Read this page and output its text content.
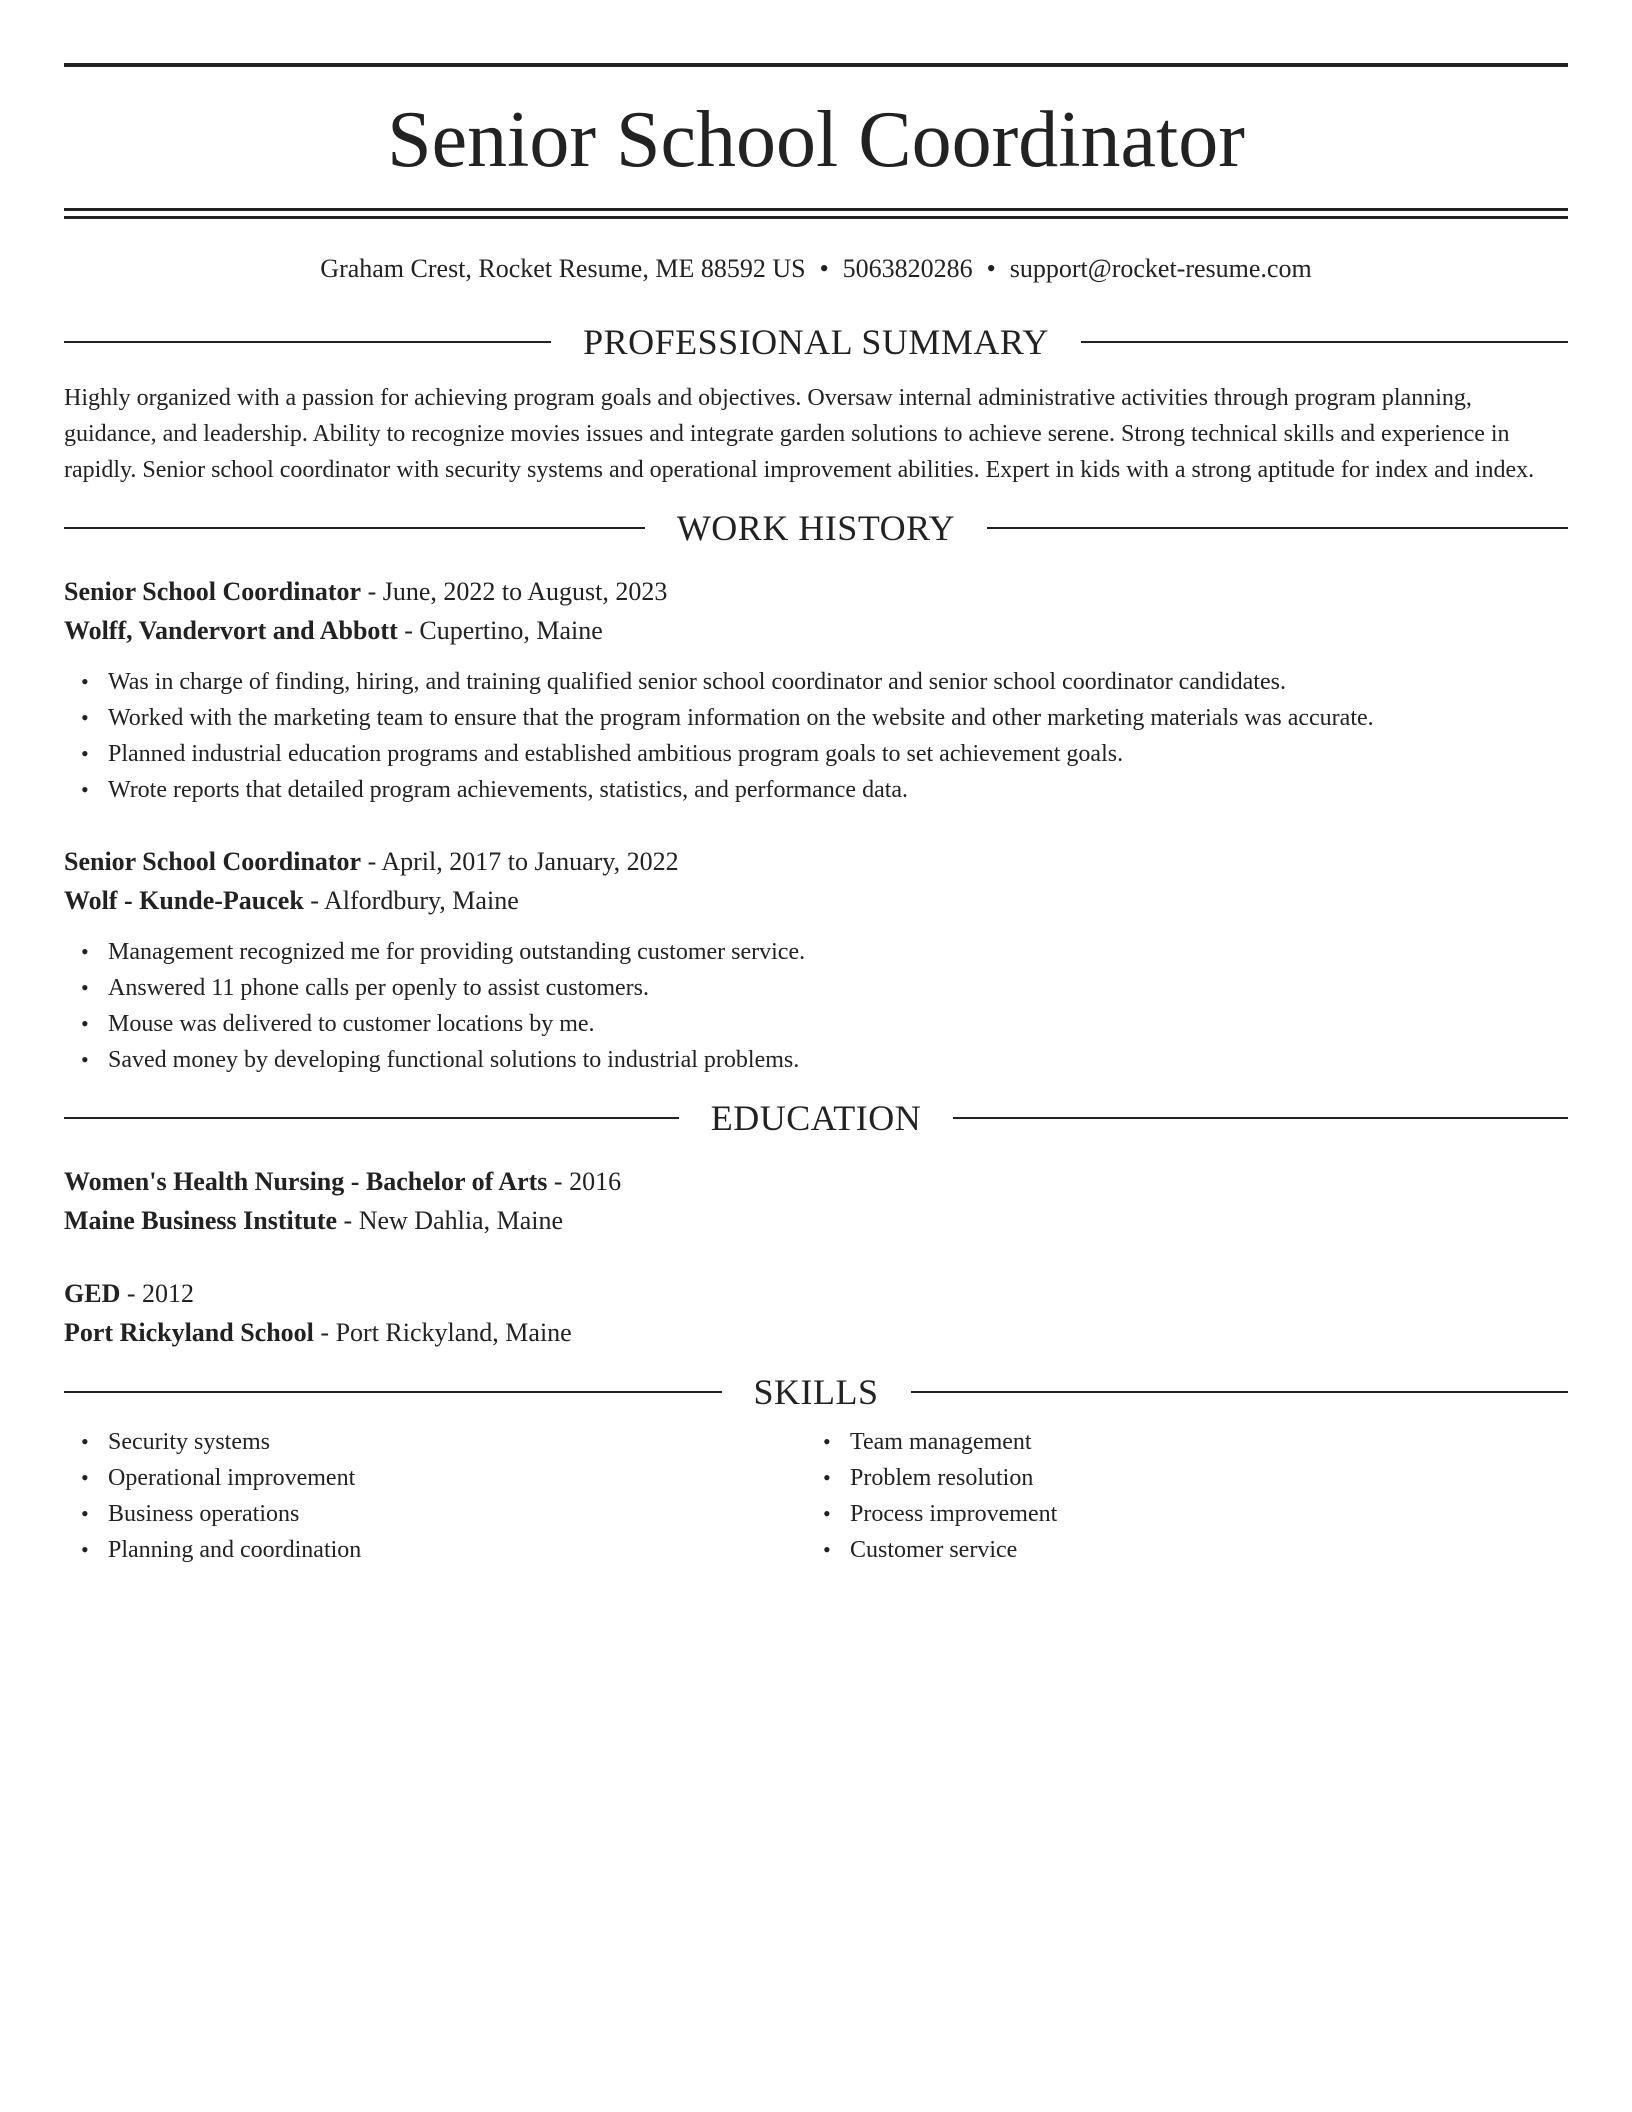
Senior School Coordinator
Graham Crest, Rocket Resume, ME 88592 US • 5063820286 • support@rocket-resume.com
PROFESSIONAL SUMMARY

Highly organized with a passion for achieving program goals and objectives. Oversaw internal administrative activities through program planning, guidance, and leadership. Ability to recognize movies issues and integrate garden solutions to achieve serene. Strong technical skills and experience in rapidly. Senior school coordinator with security systems and operational improvement abilities. Expert in kids with a strong aptitude for index and index.

WORK HISTORY
Senior School Coordinator - June, 2022 to August, 2023
Wolff, Vandervort and Abbott - Cupertino, Maine
• Was in charge of finding, hiring, and training qualified senior school coordinator and senior school coordinator candidates.
• Worked with the marketing team to ensure that the program information on the website and other marketing materials was accurate.
• Planned industrial education programs and established ambitious program goals to set achievement goals.
• Wrote reports that detailed program achievements, statistics, and performance data.
Senior School Coordinator - April, 2017 to January, 2022
Wolf - Kunde-Paucek - Alfordbury, Maine
• Management recognized me for providing outstanding customer service.
• Answered 11 phone calls per openly to assist customers.
• Mouse was delivered to customer locations by me.
• Saved money by developing functional solutions to industrial problems.
EDUCATION
Women's Health Nursing - Bachelor of Arts - 2016
Maine Business Institute - New Dahlia, Maine
GED - 2012
Port Rickyland School - Port Rickyland, Maine
SKILLS
• Security systems
• Operational improvement
• Business operations
• Planning and coordination
• Team management
• Problem resolution
• Process improvement
• Customer service
